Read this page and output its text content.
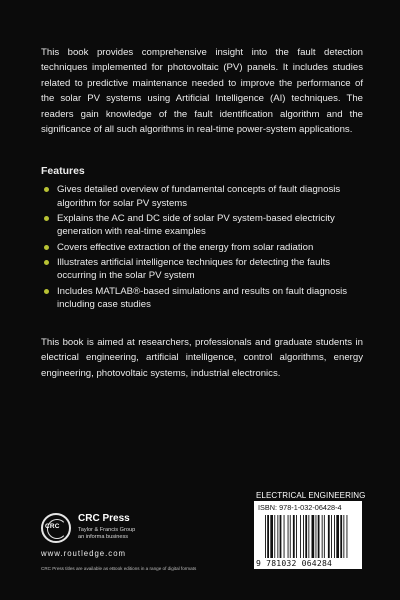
This book provides comprehensive insight into the fault detection techniques implemented for photovoltaic (PV) panels. It includes studies related to predictive maintenance needed to improve the performance of the solar PV systems using Artificial Intelligence (AI) techniques. The readers gain knowledge of the fault identification algorithm and the significance of all such algorithms in real-time power-system applications.
Features
Gives detailed overview of fundamental concepts of fault diagnosis algorithm for solar PV systems
Explains the AC and DC side of solar PV system-based electricity generation with real-time examples
Covers effective extraction of the energy from solar radiation
Illustrates artificial intelligence techniques for detecting the faults occurring in the solar PV system
Includes MATLAB®-based simulations and results on fault diagnosis including case studies
This book is aimed at researchers, professionals and graduate students in electrical engineering, artificial intelligence, control algorithms, energy engineering, photovoltaic systems, industrial electronics.
CRC
CRC Press
Taylor & Francis Group
an informa business
www.routledge.com
CRC Press titles are available as eBook editions in a range of digital formats
ELECTRICAL ENGINEERING
ISBN: 978-1-032-06428-4
9 781032 064284
